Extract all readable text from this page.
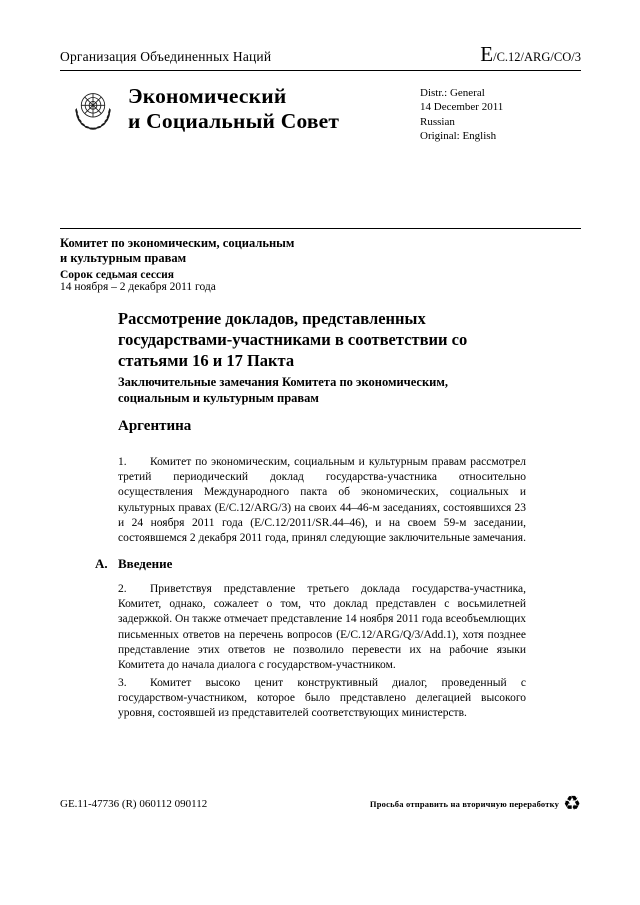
Организация Объединенных Наций	E/C.12/ARG/CO/3
Экономический
и Социальный Совет
Distr.: General
14 December 2011
Russian
Original: English
Комитет по экономическим, социальным
и культурным правам
Сорок седьмая сессия
14 ноября – 2 декабря 2011 года
Рассмотрение докладов, представленных государствами-участниками в соответствии со статьями 16 и 17 Пакта
Заключительные замечания Комитета по экономическим, социальным и культурным правам
Аргентина

1. Комитет по экономическим, социальным и культурным правам рассмотрел третий периодический доклад государства-участника относительно осуществления Международного пакта об экономических, социальных и культурных правах (E/C.12/ARG/3) на своих 44–46-м заседаниях, состоявшихся 23 и 24 ноября 2011 года (E/C.12/2011/SR.44–46), и на своем 59-м заседании, состоявшемся 2 декабря 2011 года, принял следующие заключительные замечания.

A. Введение

2. Приветствуя представление третьего доклада государства-участника, Комитет, однако, сожалеет о том, что доклад представлен с восьмилетней задержкой. Он также отмечает представление 14 ноября 2011 года всеобъемлющих письменных ответов на перечень вопросов (E/C.12/ARG/Q/3/Add.1), хотя позднее представление этих ответов не позволило перевести их на рабочие языки Комитета до начала диалога с государством-участником.

3. Комитет высоко ценит конструктивный диалог, проведенный с государством-участником, которое было представлено делегацией высокого уровня, состоявшей из представителей соответствующих министерств.

GE.11-47736 (R) 060112 090112	Просьба отправить на вторичную переработку ♻
